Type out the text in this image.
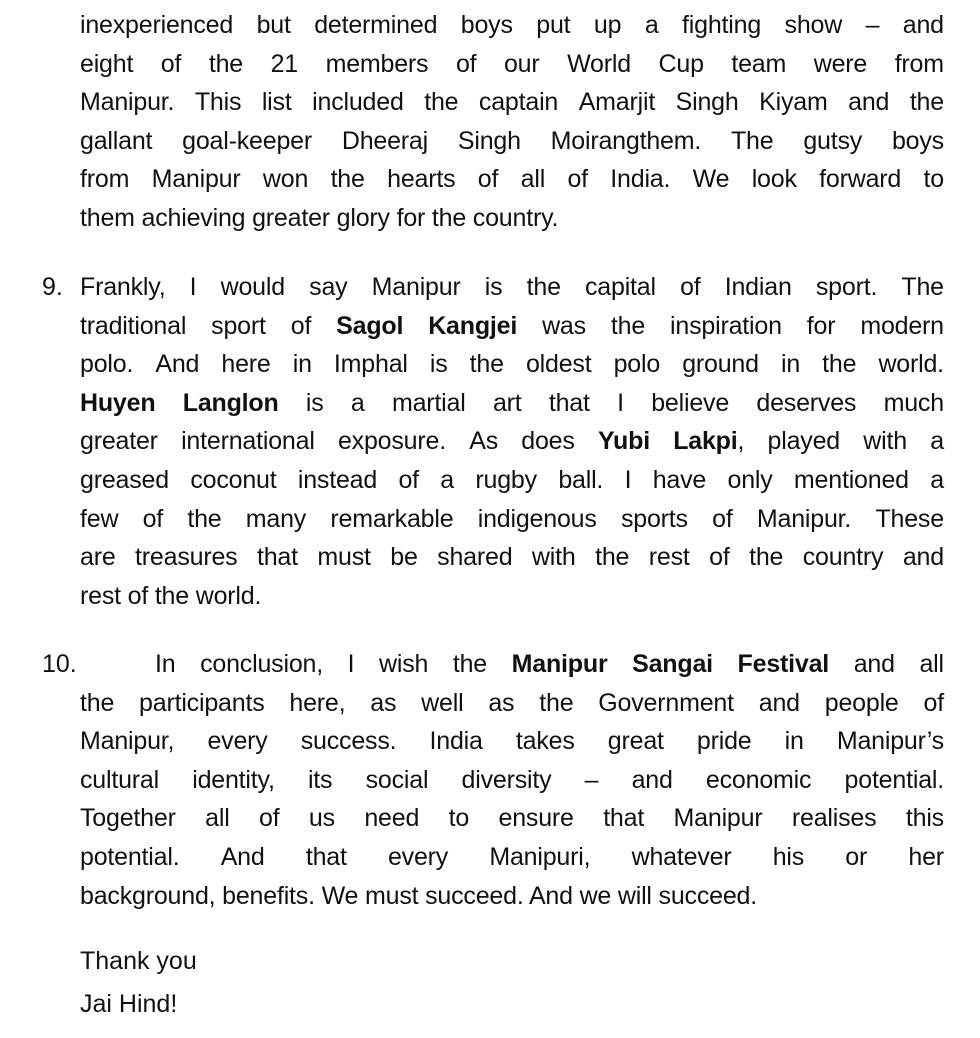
inexperienced but determined boys put up a fighting show – and
eight of the 21 members of our World Cup team were from
Manipur. This list included the captain Amarjit Singh Kiyam and the
gallant goal-keeper Dheeraj Singh Moirangthem. The gutsy boys
from Manipur won the hearts of all of India. We look forward to
them achieving greater glory for the country.
9. Frankly, I would say Manipur is the capital of Indian sport. The
traditional sport of Sagol Kangjei was the inspiration for modern
polo. And here in Imphal is the oldest polo ground in the world.
Huyen Langlon is a martial art that I believe deserves much
greater international exposure. As does Yubi Lakpi, played with a
greased coconut instead of a rugby ball. I have only mentioned a
few of the many remarkable indigenous sports of Manipur. These
are treasures that must be shared with the rest of the country and
rest of the world.
10.	In conclusion, I wish the Manipur Sangai Festival and all
the participants here, as well as the Government and people of
Manipur, every success. India takes great pride in Manipur’s
cultural identity, its social diversity – and economic potential.
Together all of us need to ensure that Manipur realises this
potential. And that every Manipuri, whatever his or her
background, benefits. We must succeed. And we will succeed.
Thank you
Jai Hind!
